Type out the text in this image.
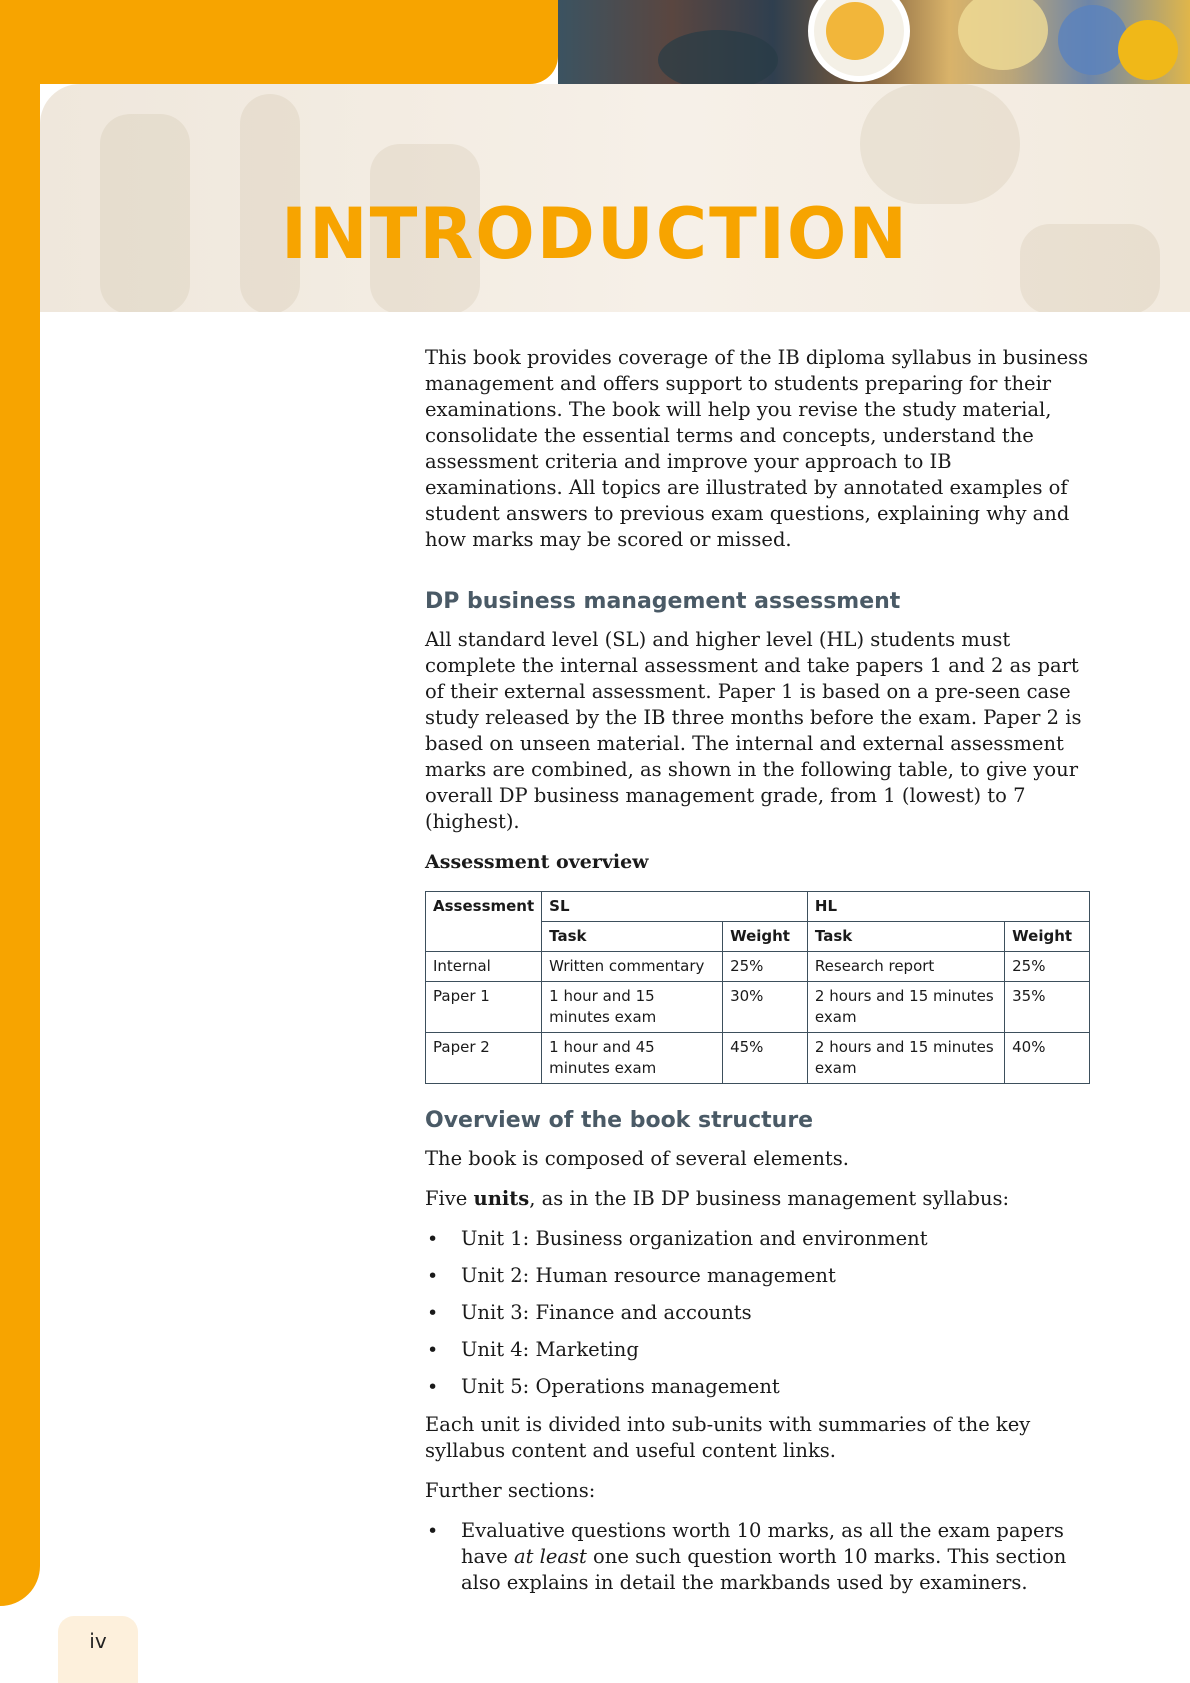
INTRODUCTION

This book provides coverage of the IB diploma syllabus in business management and offers support to students preparing for their examinations. The book will help you revise the study material, consolidate the essential terms and concepts, understand the assessment criteria and improve your approach to IB examinations. All topics are illustrated by annotated examples of student answers to previous exam questions, explaining why and how marks may be scored or missed.

DP business management assessment

All standard level (SL) and higher level (HL) students must complete the internal assessment and take papers 1 and 2 as part of their external assessment. Paper 1 is based on a pre-seen case study released by the IB three months before the exam. Paper 2 is based on unseen material. The internal and external assessment marks are combined, as shown in the following table, to give your overall DP business management grade, from 1 (lowest) to 7 (highest).

Assessment overview
Assessment	SL		HL	
	Task	Weight	Task	Weight
Internal	Written commentary	25%	Research report	25%
Paper 1	1 hour and 15 minutes exam	30%	2 hours and 15 minutes exam	35%
Paper 2	1 hour and 45 minutes exam	45%	2 hours and 15 minutes exam	40%
Overview of the book structure

The book is composed of several elements.

Five units, as in the IB DP business management syllabus:

• Unit 1: Business organization and environment
• Unit 2: Human resource management
• Unit 3: Finance and accounts
• Unit 4: Marketing
• Unit 5: Operations management

Each unit is divided into sub-units with summaries of the key syllabus content and useful content links.

Further sections:

• Evaluative questions worth 10 marks, as all the exam papers have at least one such question worth 10 marks. This section also explains in detail the markbands used by examiners.
iv
